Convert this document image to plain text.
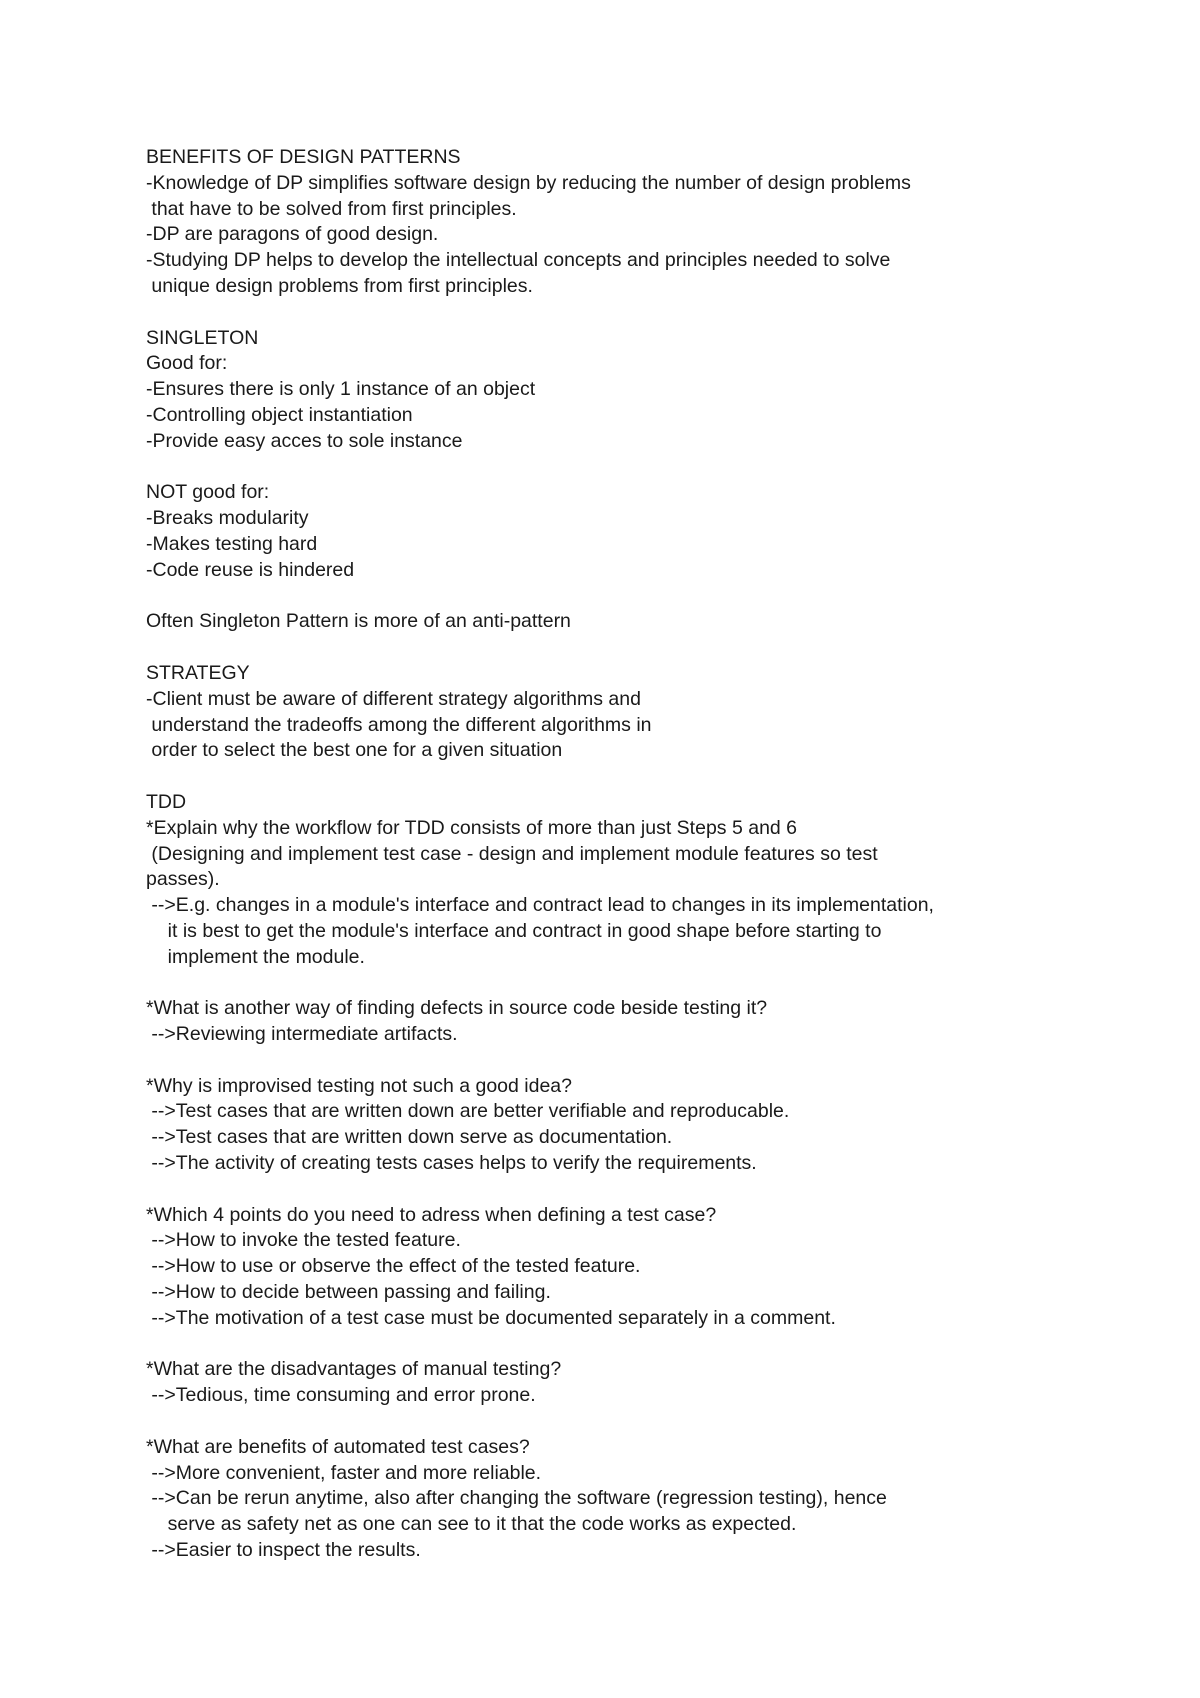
BENEFITS OF DESIGN PATTERNS
-Knowledge of DP simplifies software design by reducing the number of design problems
that have to be solved from first principles.
-DP are paragons of good design.
-Studying DP helps to develop the intellectual concepts and principles needed to solve
unique design problems from first principles.
SINGLETON
Good for:
-Ensures there is only 1 instance of an object
-Controlling object instantiation
-Provide easy acces to sole instance
NOT good for:
-Breaks modularity
-Makes testing hard
-Code reuse is hindered
Often Singleton Pattern is more of an anti-pattern
STRATEGY
-Client must be aware of different strategy algorithms and
understand the tradeoffs among the different algorithms in
order to select the best one for a given situation
TDD
*Explain why the workflow for TDD consists of more than just Steps 5 and 6
(Designing and implement test case - design and implement module features so test
passes).
-->E.g. changes in a module's interface and contract lead to changes in its implementation,
it is best to get the module's interface and contract in good shape before starting to
implement the module.
*What is another way of finding defects in source code beside testing it?
-->Reviewing intermediate artifacts.
*Why is improvised testing not such a good idea?
-->Test cases that are written down are better verifiable and reproducable.
-->Test cases that are written down serve as documentation.
-->The activity of creating tests cases helps to verify the requirements.
*Which 4 points do you need to adress when defining a test case?
-->How to invoke the tested feature.
-->How to use or observe the effect of the tested feature.
-->How to decide between passing and failing.
-->The motivation of a test case must be documented separately in a comment.
*What are the disadvantages of manual testing?
-->Tedious, time consuming and error prone.
*What are benefits of automated test cases?
-->More convenient, faster and more reliable.
-->Can be rerun anytime, also after changing the software (regression testing), hence
serve as safety net as one can see to it that the code works as expected.
-->Easier to inspect the results.
